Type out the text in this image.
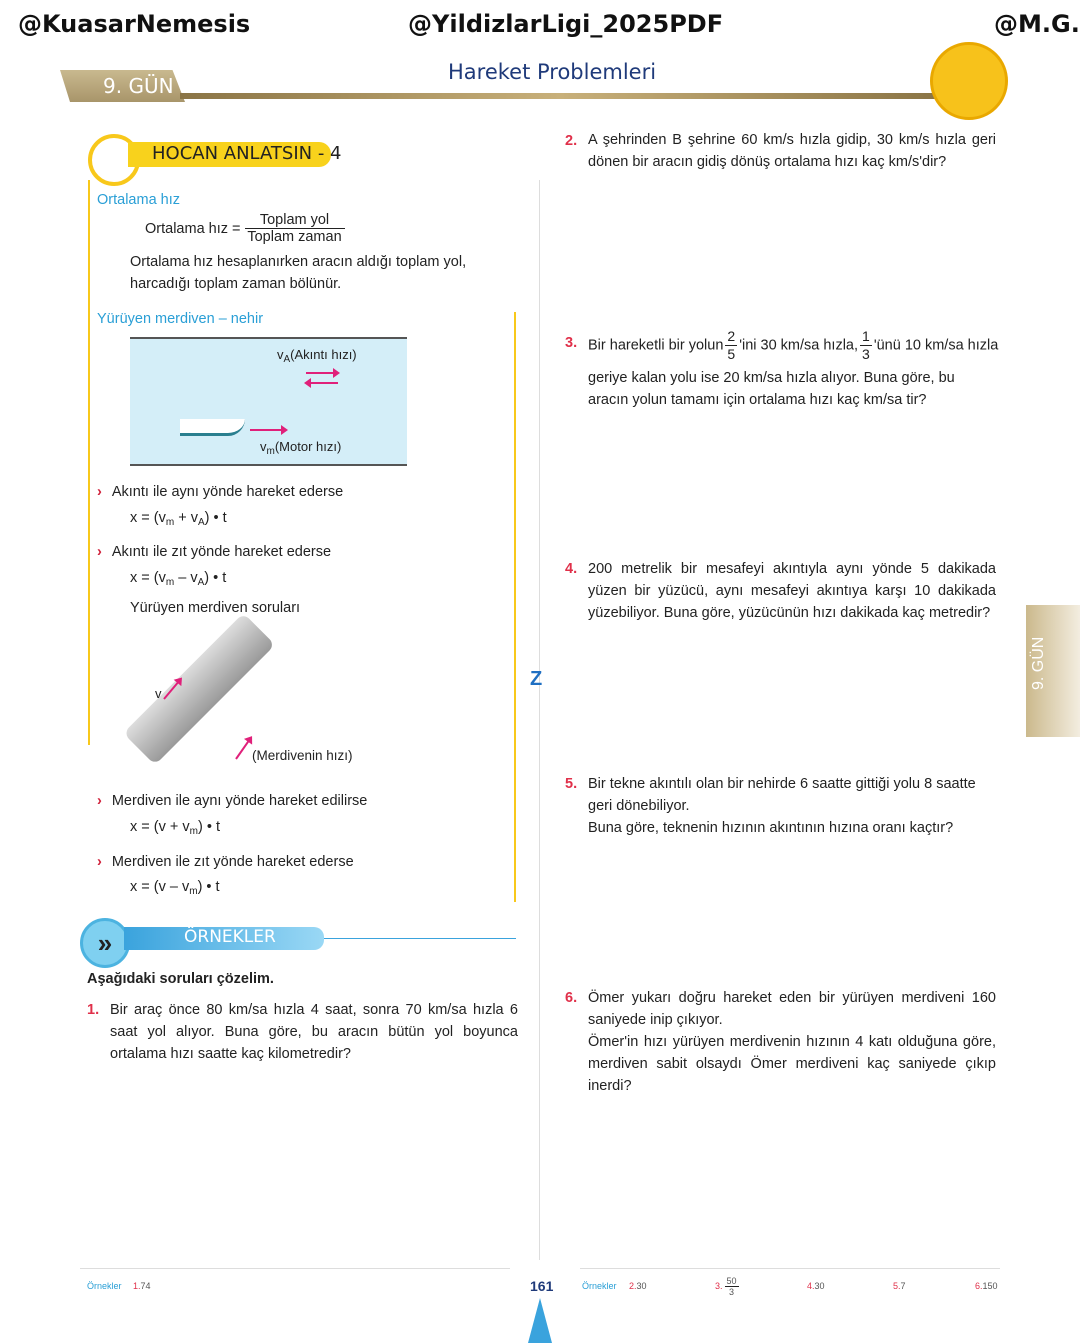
@KuasarNemesis	@YildizlarLigi_2025PDF	@M.G.
9. GÜN
Hareket Problemleri
9. GÜN
HOCAN ANLATSIN - 4
Ortalama hız
Ortalama hız =
Toplam yol
Toplam zaman
Ortalama hız hesaplanırken aracın aldığı toplam yol, harcadığı toplam zaman bölünür.
Yürüyen merdiven – nehir
$v_A(Akıntı$ hızı)
$v_m(Motor$ hızı)
› Akıntı ile aynı yönde hareket ederse
$x = (v_m + v_A)$ • t
› Akıntı ile zıt yönde hareket ederse
$x = (v_m - v_A)$ • t
Yürüyen merdiven soruları
v
(Merdivenin hızı)
› Merdiven ile aynı yönde hareket edilirse
$x = (v + v_m)$ • t
› Merdiven ile zıt yönde hareket ederse
$x = (v - v_m)$ • t
»	ÖRNEKLER
Aşağıdaki soruları çözelim.
1. Bir araç önce 80 km/sa hızla 4 saat, sonra 70 km/sa hızla 6 saat yol alıyor. Buna göre, bu aracın bütün yol boyunca ortalama hızı saatte kaç kilometredir?
Z
2. A şehrinden B şehrine 60 km/s hızla gidip, 30 km/s hızla geri dönen bir aracın gidiş dönüş ortalama hızı kaç km/s'dir?
3. Bir hareketli bir yolun $\frac{2}{5}$ 'ini 30 km/sa hızla, $\frac{1}{3}$ 'ünü 10 km/sa hızla
geriye kalan yolu ise 20 km/sa hızla alıyor. Buna göre, bu aracın yolun tamamı için ortalama hızı kaç km/sa tir?
4. 200 metrelik bir mesafeyi akıntıyla aynı yönde 5 dakikada yüzen bir yüzücü, aynı mesafeyi akıntıya karşı 10 dakikada yüzebiliyor. Buna göre, yüzücünün hızı dakikada kaç metredir?
5. Bir tekne akıntılı olan bir nehirde 6 saatte gittiği yolu 8 saatte geri dönebiliyor.
Buna göre, teknenin hızının akıntının hızına oranı kaçtır?
6. Ömer yukarı doğru hareket eden bir yürüyen merdiveni 160 saniyede inip çıkıyor.
Ömer'in hızı yürüyen merdivenin hızının 4 katı olduğuna göre, merdiven sabit olsaydı Ömer merdiveni kaç saniyede çıkıp inerdi?
Örnekler 1.74	161	Örnekler 2.30	3. $\frac{50}{3}$	4.30	5.7	6.150
